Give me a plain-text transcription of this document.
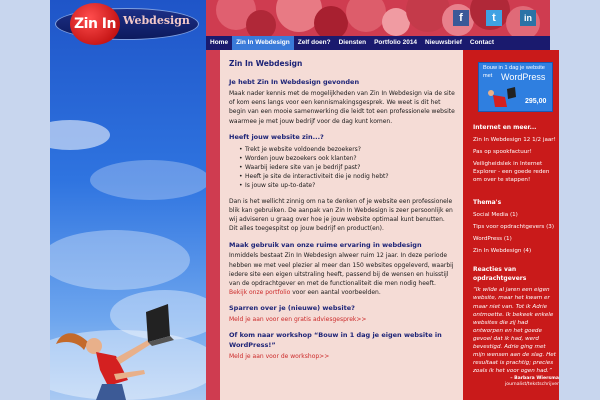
Zin In Webdesign	f	t	in
Home	Zin In Webdesign	Zelf doen?	Diensten	Portfolio 2014	Nieuwsbrief	Contact
Zin In Webdesign
Je hebt Zin In Webdesign gevonden

Maak nader kennis met de mogelijkheden van Zin In Webdesign via de site of kom eens langs voor een kennismakingsgesprek. We weet is dit het begin van een mooie samenwerking die leidt tot een professionele website waarmee je met jouw bedrijf voor de dag kunt komen.

Heeft jouw website zin...?
• Trekt je website voldoende bezoekers?
• Worden jouw bezoekers ook klanten?
• Waarbij iedere site van je bedrijf past?
• Heeft je site de interactiviteit die je nodig hebt?
• Is jouw site up-to-date?

Dan is het wellicht zinnig om na te denken of je website een professionele blik kan gebruiken. De aanpak van Zin In Webdesign is zeer persoonlijk en wij adviseren u graag over hoe je jouw website optimaal kunt benutten. Dit alles toegespitst op jouw bedrijf en product(en).

Maak gebruik van onze ruime ervaring in webdesign

Inmiddels bestaat Zin In Webdesign alweer ruim 12 jaar. In deze periode hebben we met veel plezier al meer dan 150 websites opgeleverd, waarbij iedere site een eigen uitstraling heeft, passend bij de wensen en huisstijl van de opdrachtgever en met de functionaliteit die men nodig heeft. Bekijk onze portfolio voor een aantal voorbeelden.

Sparren over je (nieuwe) website?

Meld je aan voor een gratis adviesgesprek>>

Of kom naar workshop “Bouw in 1 dag je eigen website in WordPress!”

Meld je aan voor de workshop>>

Bouw in 1 dag je website
met WordPress
295,00
Internet en meer...
Zin In Webdesign 12 1/2 jaar!
Pas op spookfactuur!
Veiligheidslek in Internet Explorer - een goede reden om over te stappen!
Thema's
Social Media (1)
Tips voor opdrachtgevers (3)
WordPress (1)
Zin In Webdesign (4)
Reacties van opdrachtgevers
“Ik wilde al jaren een eigen website, maar het kwam er maar niet van. Tot ik Adrie ontmoette. Ik bekeek enkele websites die zij had ontworpen en het goede gevoel dat ik had, werd bevestigd. Adrie ging met mijn wensen aan de slag. Het resultaat is prachtig; precies zoals ik het voor ogen had.”
– Barbara Wiersma
journalist/tekstschrijver
